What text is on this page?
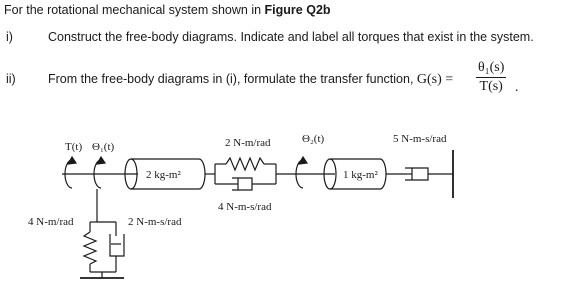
For the rotational mechanical system shown in Figure Q2b
i)	Construct the free-body diagrams. Indicate and label all torques that exist in the system.
ii)	From the free-body diagrams in (i), formulate the transfer function, $G(s) = \frac{\text{θ₁(s)}}{T(s)}$ .
T(t) Θ₁(t)
2 kg-m²
2 N-m/rad
4 N-m-s/rad
Θ₂(t)
1 kg-m²
5 N-m-s/rad
4 N-m/rad	2 N-m-s/rad
